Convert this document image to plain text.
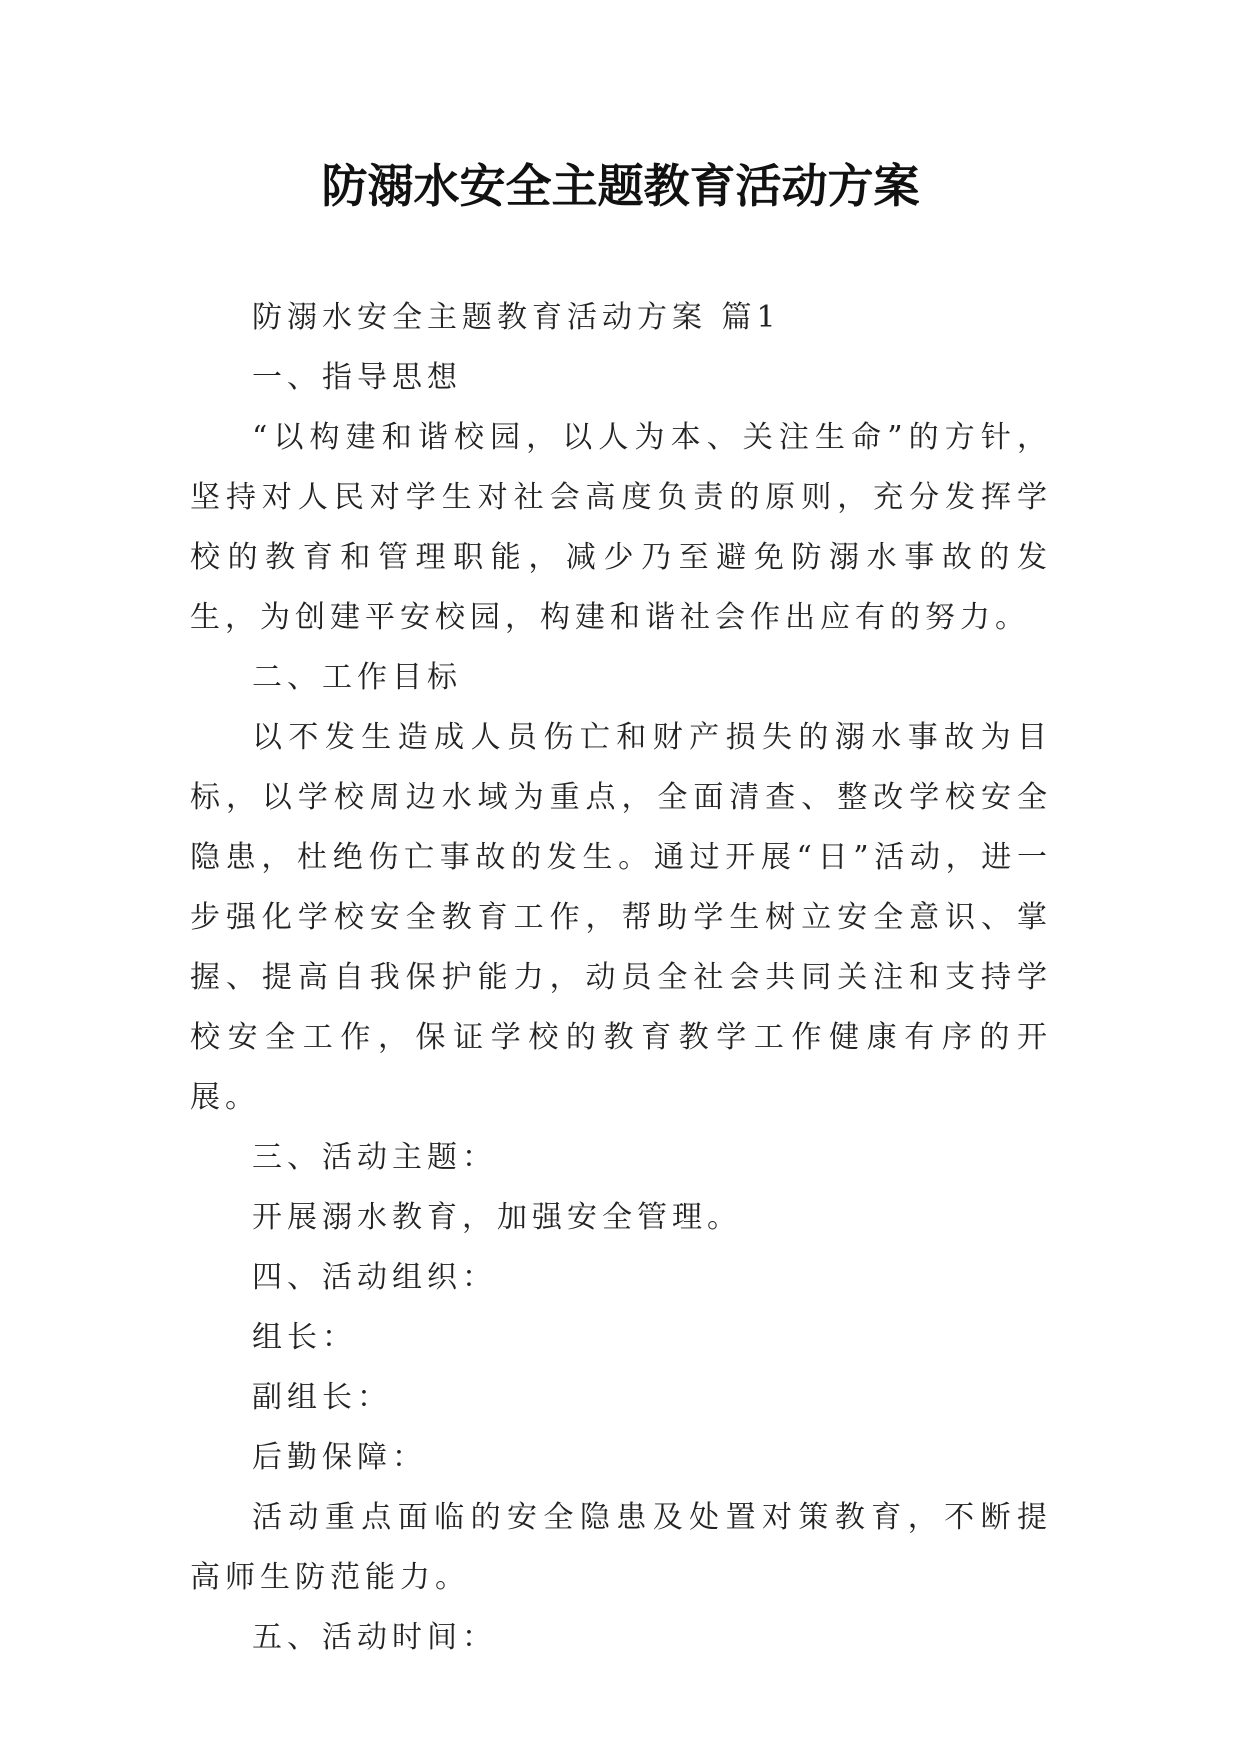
防溺水安全主题教育活动方案

防溺水安全主题教育活动方案 篇1

一、指导思想

“以构建和谐校园，以人为本、关注生命”的方针，坚持对人民对学生对社会高度负责的原则，充分发挥学校的教育和管理职能，减少乃至避免防溺水事故的发生，为创建平安校园，构建和谐社会作出应有的努力。

二、工作目标

以不发生造成人员伤亡和财产损失的溺水事故为目标，以学校周边水域为重点，全面清查、整改学校安全隐患，杜绝伤亡事故的发生。通过开展“日”活动，进一步强化学校安全教育工作，帮助学生树立安全意识、掌握、提高自我保护能力，动员全社会共同关注和支持学校安全工作，保证学校的教育教学工作健康有序的开展。

三、活动主题：

开展溺水教育，加强安全管理。

四、活动组织：

组长：

副组长：

后勤保障：

活动重点面临的安全隐患及处置对策教育，不断提高师生防范能力。

五、活动时间：
